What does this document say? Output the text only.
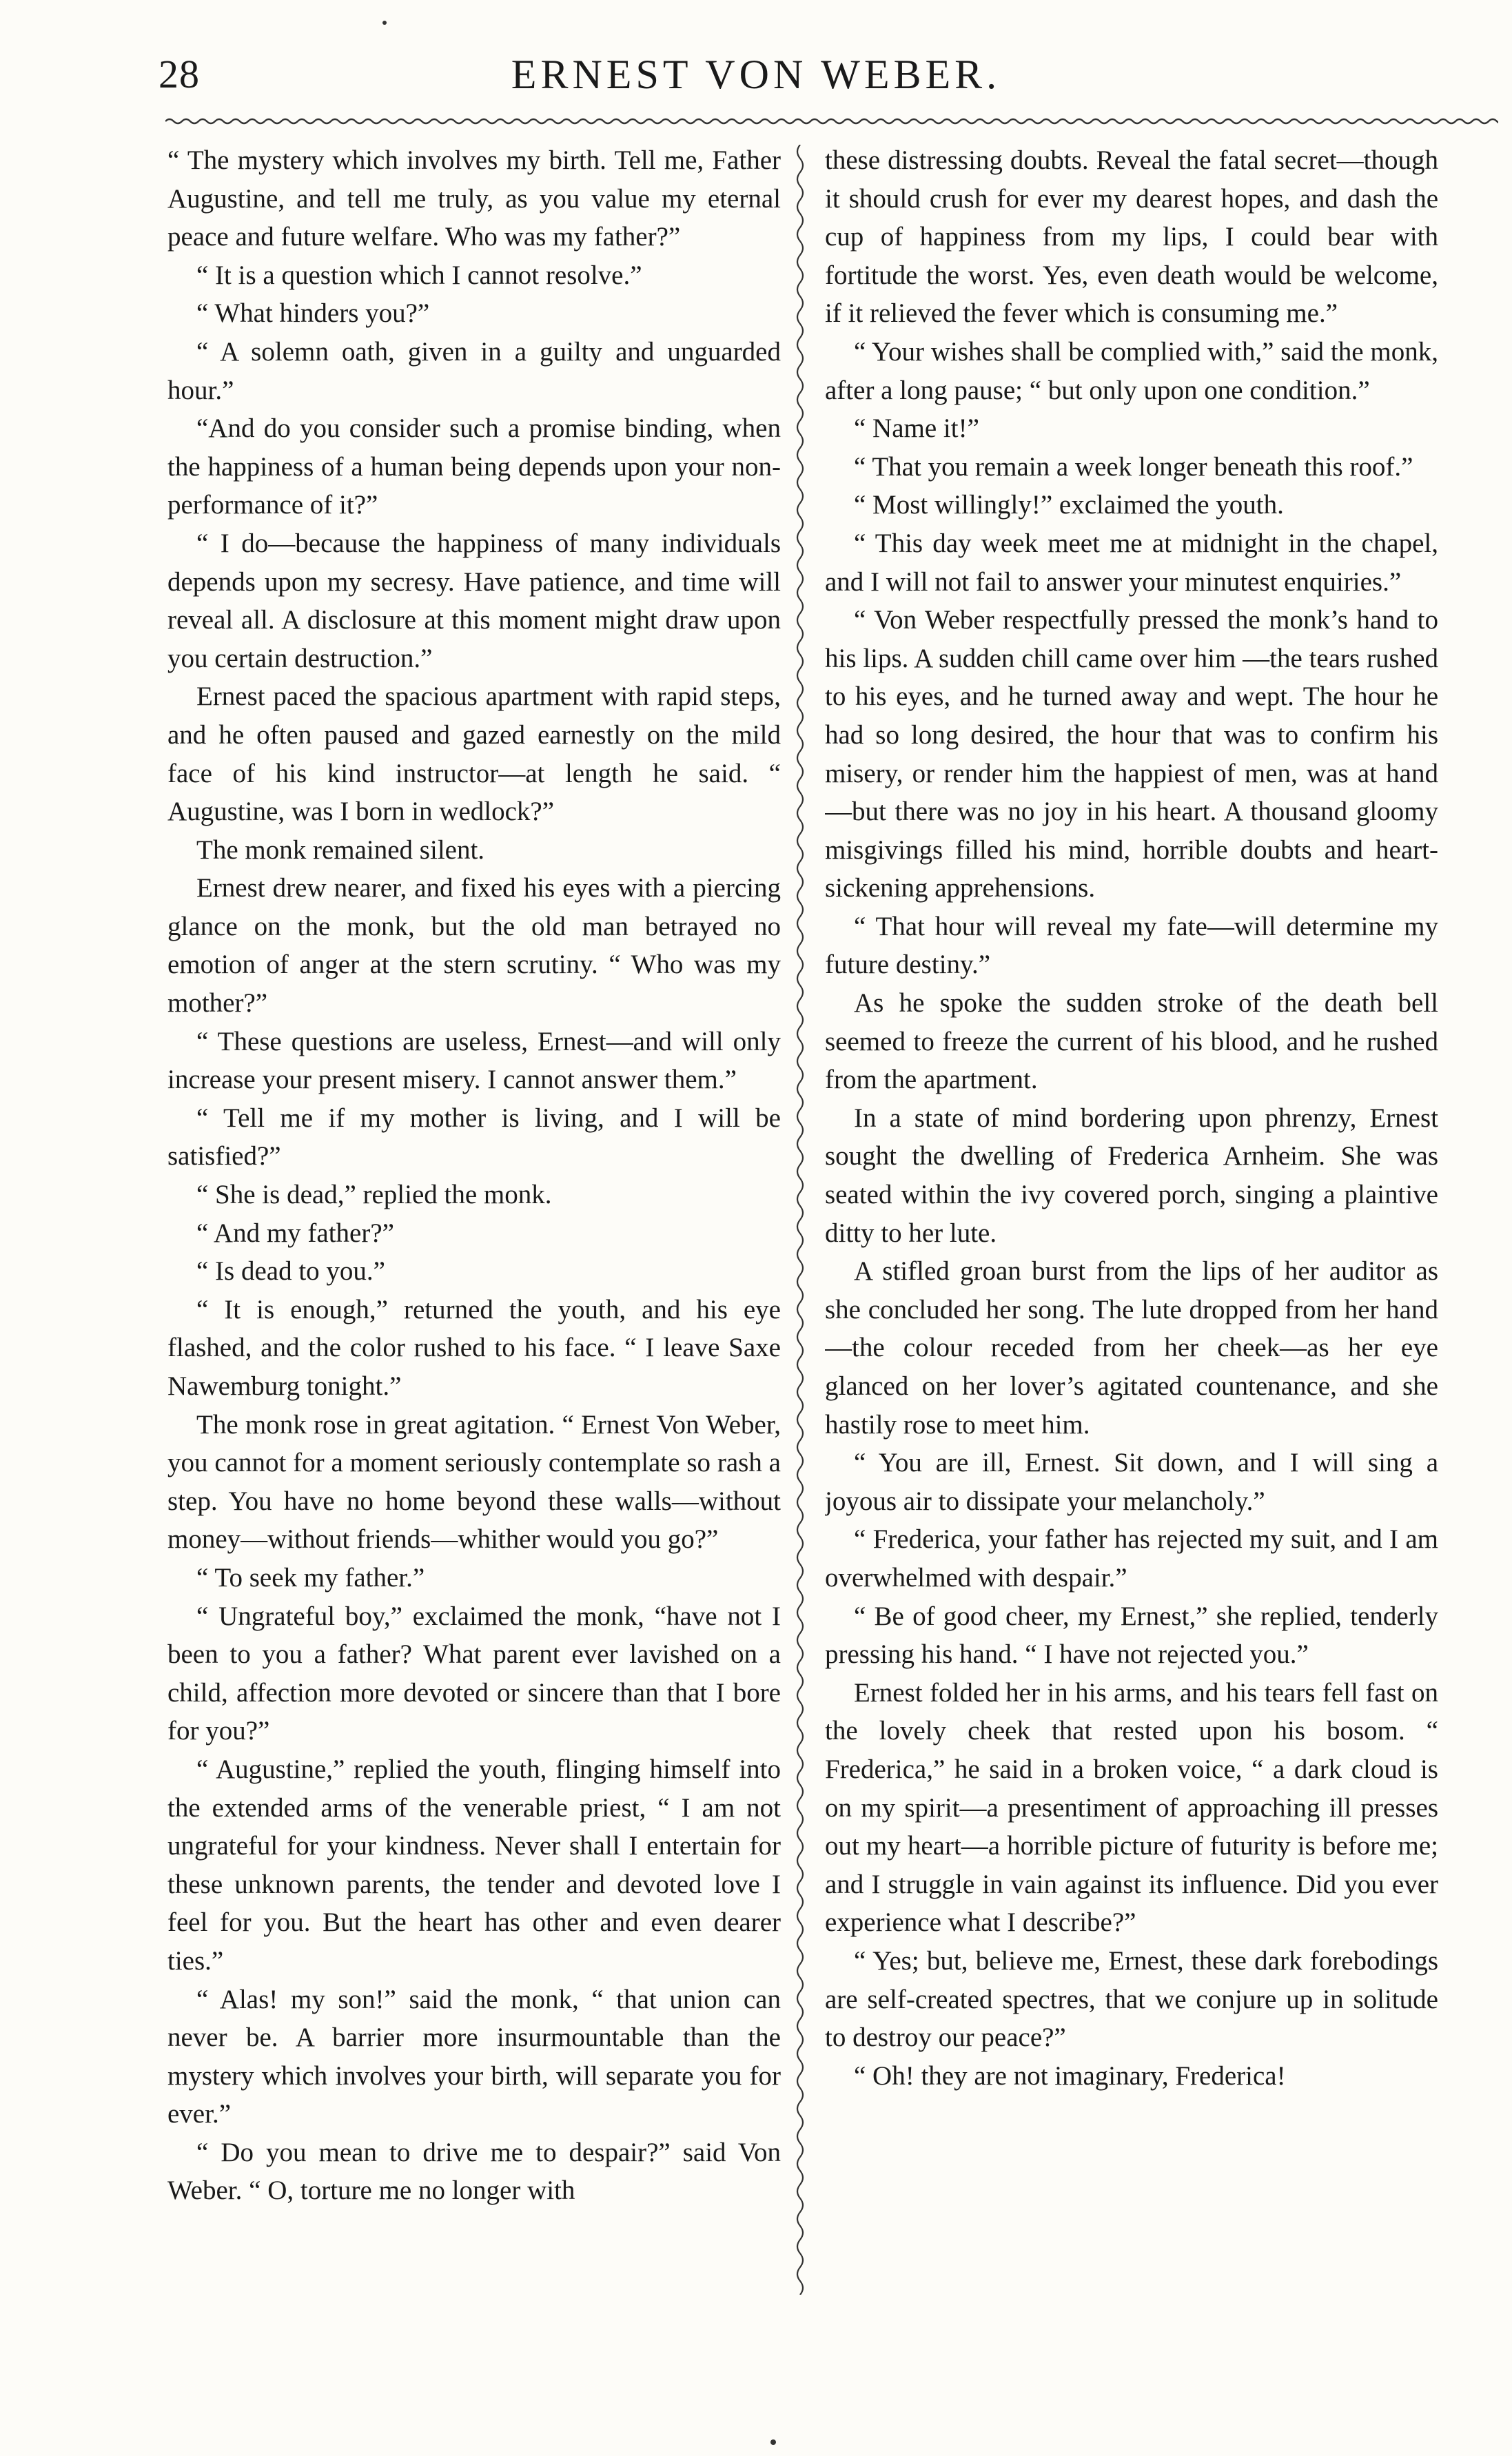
28	ERNEST VON WEBER.

“ The mystery which involves my birth. Tell me, Father Augustine, and tell me truly, as you value my eternal peace and future welfare. Who was my father?”

“ It is a question which I cannot resolve.”

“ What hinders you?”

“ A solemn oath, given in a guilty and unguarded hour.”

“And do you consider such a promise binding, when the happiness of a human being depends upon your non-performance of it?”

“ I do—because the happiness of many individuals depends upon my secresy. Have patience, and time will reveal all. A disclosure at this moment might draw upon you certain destruction.”

Ernest paced the spacious apartment with rapid steps, and he often paused and gazed earnestly on the mild face of his kind instructor—at length he said. “ Augustine, was I born in wedlock?”

The monk remained silent.

Ernest drew nearer, and fixed his eyes with a piercing glance on the monk, but the old man betrayed no emotion of anger at the stern scrutiny. “ Who was my mother?”

“ These questions are useless, Ernest—and will only increase your present misery. I cannot answer them.”

“ Tell me if my mother is living, and I will be satisfied?”

“ She is dead,” replied the monk.

“ And my father?”

“ Is dead to you.”

“ It is enough,” returned the youth, and his eye flashed, and the color rushed to his face. “ I leave Saxe Nawemburg tonight.”

The monk rose in great agitation. “ Ernest Von Weber, you cannot for a moment seriously contemplate so rash a step. You have no home beyond these walls—without money—without friends—whither would you go?”

“ To seek my father.”

“ Ungrateful boy,” exclaimed the monk, “have not I been to you a father? What parent ever lavished on a child, affection more devoted or sincere than that I bore for you?”

“ Augustine,” replied the youth, flinging himself into the extended arms of the venerable priest, “ I am not ungrateful for your kindness. Never shall I entertain for these unknown parents, the tender and devoted love I feel for you. But the heart has other and even dearer ties.”

“ Alas! my son!” said the monk, “ that union can never be. A barrier more insurmountable than the mystery which involves your birth, will separate you for ever.”

“ Do you mean to drive me to despair?” said Von Weber. “ O, torture me no longer with

these distressing doubts. Reveal the fatal secret—though it should crush for ever my dearest hopes, and dash the cup of happiness from my lips, I could bear with fortitude the worst. Yes, even death would be welcome, if it relieved the fever which is consuming me.”

“ Your wishes shall be complied with,” said the monk, after a long pause; “ but only upon one condition.”

“ Name it!”

“ That you remain a week longer beneath this roof.”

“ Most willingly!” exclaimed the youth.

“ This day week meet me at midnight in the chapel, and I will not fail to answer your minutest enquiries.”

“ Von Weber respectfully pressed the monk’s hand to his lips. A sudden chill came over him —the tears rushed to his eyes, and he turned away and wept. The hour he had so long desired, the hour that was to confirm his misery, or render him the happiest of men, was at hand—but there was no joy in his heart. A thousand gloomy misgivings filled his mind, horrible doubts and heart-sickening apprehensions.

“ That hour will reveal my fate—will determine my future destiny.”

As he spoke the sudden stroke of the death bell seemed to freeze the current of his blood, and he rushed from the apartment.

In a state of mind bordering upon phrenzy, Ernest sought the dwelling of Frederica Arnheim. She was seated within the ivy covered porch, singing a plaintive ditty to her lute.

A stifled groan burst from the lips of her auditor as she concluded her song. The lute dropped from her hand—the colour receded from her cheek—as her eye glanced on her lover’s agitated countenance, and she hastily rose to meet him.

“ You are ill, Ernest. Sit down, and I will sing a joyous air to dissipate your melancholy.”

“ Frederica, your father has rejected my suit, and I am overwhelmed with despair.”

“ Be of good cheer, my Ernest,” she replied, tenderly pressing his hand. “ I have not rejected you.”

Ernest folded her in his arms, and his tears fell fast on the lovely cheek that rested upon his bosom. “ Frederica,” he said in a broken voice, “ a dark cloud is on my spirit—a presentiment of approaching ill presses out my heart—a horrible picture of futurity is before me; and I struggle in vain against its influence. Did you ever experience what I describe?”

“ Yes; but, believe me, Ernest, these dark forebodings are self-created spectres, that we conjure up in solitude to destroy our peace?”

“ Oh! they are not imaginary, Frederica!
